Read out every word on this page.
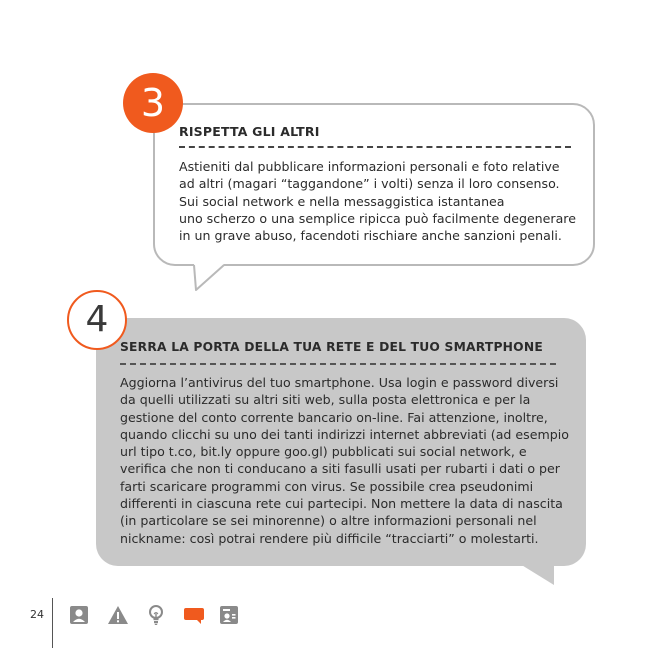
3
RISPETTA GLI ALTRI
Astieniti dal pubblicare informazioni personali e foto relative
ad altri (magari “taggandone” i volti) senza il loro consenso.
Sui social network e nella messaggistica istantanea
uno scherzo o una semplice ripicca può facilmente degenerare
in un grave abuso, facendoti rischiare anche sanzioni penali.
4
SERRA LA PORTA DELLA TUA RETE E DEL TUO SMARTPHONE
Aggiorna l’antivirus del tuo smartphone. Usa login e password diversi
da quelli utilizzati su altri siti web, sulla posta elettronica e per la
gestione del conto corrente bancario on-line. Fai attenzione, inoltre,
quando clicchi su uno dei tanti indirizzi internet abbreviati (ad esempio
url tipo t.co, bit.ly oppure goo.gl) pubblicati sui social network, e
verifica che non ti conducano a siti fasulli usati per rubarti i dati o per
farti scaricare programmi con virus. Se possibile crea pseudonimi
differenti in ciascuna rete cui partecipi. Non mettere la data di nascita
(in particolare se sei minorenne) o altre informazioni personali nel
nickname: così potrai rendere più difficile “tracciarti” o molestarti.
24
